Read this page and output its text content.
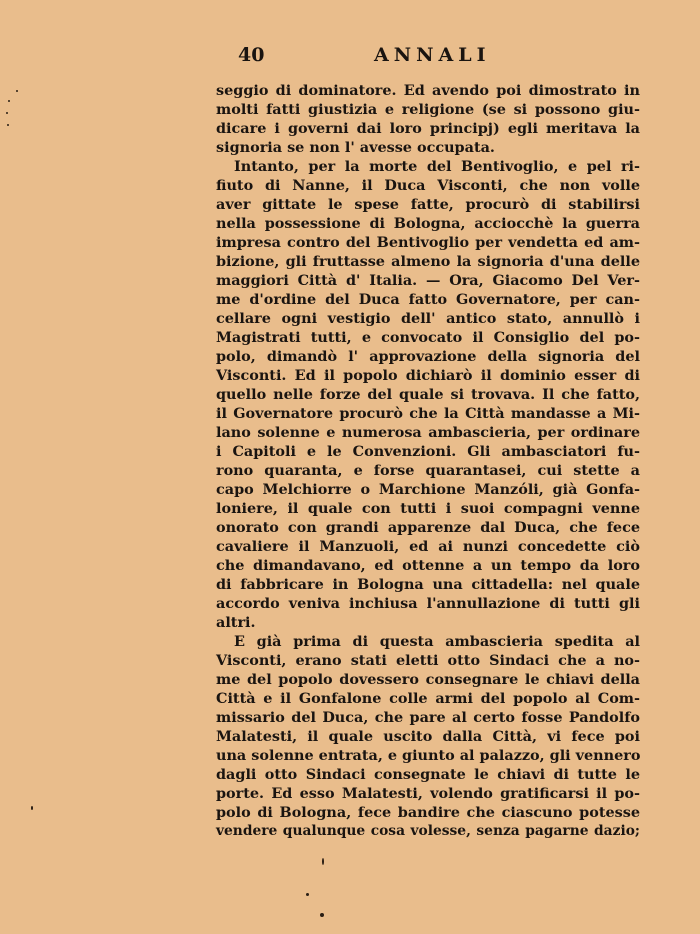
40	ANNALI
seggio di dominatore. Ed avendo poi dimostrato in
molti fatti giustizia e religione (se si possono giu-
dicare i governi dai loro principj) egli meritava la
signoria se non l' avesse occupata.
Intanto, per la morte del Bentivoglio, e pel ri-
fiuto di Nanne, il Duca Visconti, che non volle
aver gittate le spese fatte, procurò di stabilirsi
nella possessione di Bologna, acciocchè la guerra
impresa contro del Bentivoglio per vendetta ed am-
bizione, gli fruttasse almeno la signoria d'una delle
maggiori Città d' Italia. — Ora, Giacomo Del Ver-
me d'ordine del Duca fatto Governatore, per can-
cellare ogni vestigio dell' antico stato, annullò i
Magistrati tutti, e convocato il Consiglio del po-
polo, dimandò l' approvazione della signoria del
Visconti. Ed il popolo dichiarò il dominio esser di
quello nelle forze del quale si trovava. Il che fatto,
il Governatore procurò che la Città mandasse a Mi-
lano solenne e numerosa ambascieria, per ordinare
i Capitoli e le Convenzioni. Gli ambasciatori fu-
rono quaranta, e forse quarantasei, cui stette a
capo Melchiorre o Marchione Manzóli, già Gonfa-
loniere, il quale con tutti i suoi compagni venne
onorato con grandi apparenze dal Duca, che fece
cavaliere il Manzuoli, ed ai nunzi concedette ciò
che dimandavano, ed ottenne a un tempo da loro
di fabbricare in Bologna una cittadella: nel quale
accordo veniva inchiusa l'annullazione di tutti gli
altri.
E già prima di questa ambascieria spedita al
Visconti, erano stati eletti otto Sindaci che a no-
me del popolo dovessero consegnare le chiavi della
Città e il Gonfalone colle armi del popolo al Com-
missario del Duca, che pare al certo fosse Pandolfo
Malatesti, il quale uscito dalla Città, vi fece poi
una solenne entrata, e giunto al palazzo, gli vennero
dagli otto Sindaci consegnate le chiavi di tutte le
porte. Ed esso Malatesti, volendo gratificarsi il po-
polo di Bologna, fece bandire che ciascuno potesse
vendere qualunque cosa volesse, senza pagarne dazio;
